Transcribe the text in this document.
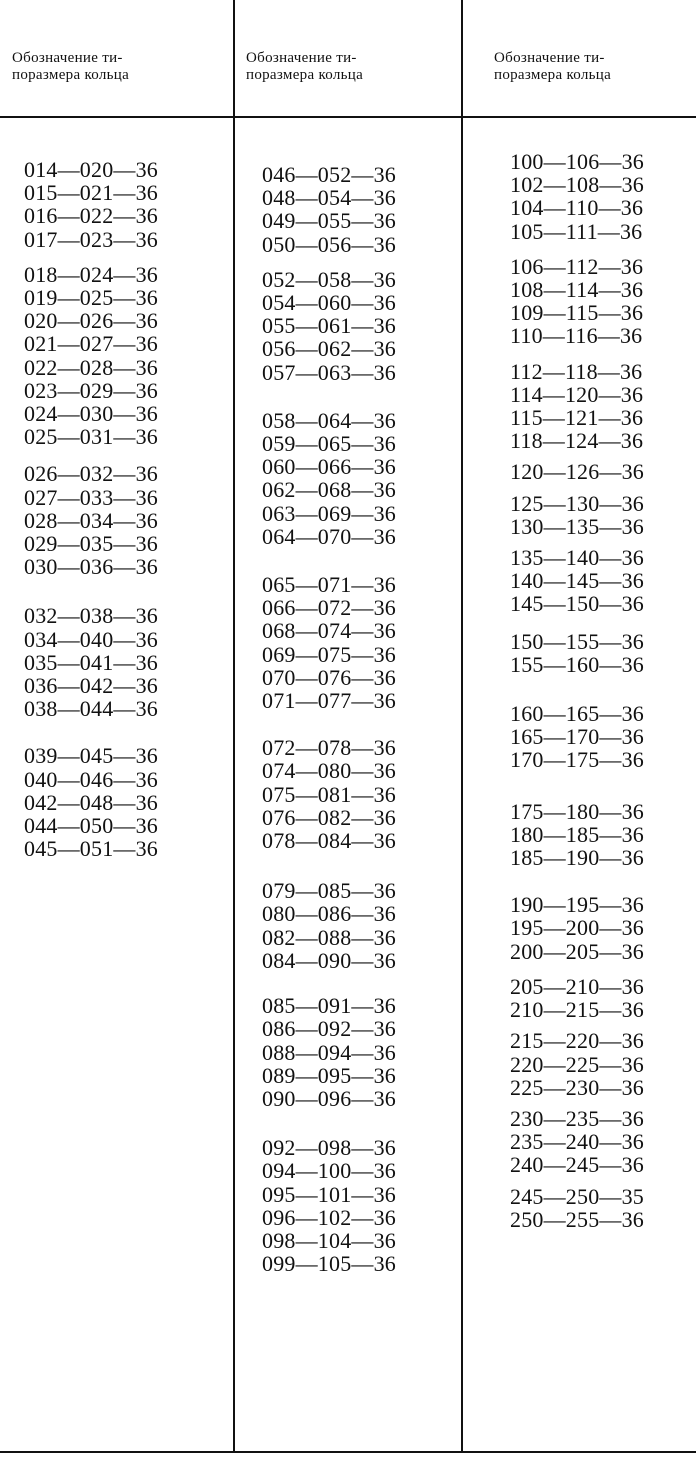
Обозначение ти-
поразмера кольца
Обозначение ти-
поразмера кольца
Обозначение ти-
поразмера кольца
014—020—36
015—021—36
016—022—36
017—023—36
018—024—36
019—025—36
020—026—36
021—027—36
022—028—36
023—029—36
024—030—36
025—031—36
026—032—36
027—033—36
028—034—36
029—035—36
030—036—36
032—038—36
034—040—36
035—041—36
036—042—36
038—044—36
039—045—36
040—046—36
042—048—36
044—050—36
045—051—36
046—052—36
048—054—36
049—055—36
050—056—36
052—058—36
054—060—36
055—061—36
056—062—36
057—063—36
058—064—36
059—065—36
060—066—36
062—068—36
063—069—36
064—070—36
065—071—36
066—072—36
068—074—36
069—075—36
070—076—36
071—077—36
072—078—36
074—080—36
075—081—36
076—082—36
078—084—36
079—085—36
080—086—36
082—088—36
084—090—36
085—091—36
086—092—36
088—094—36
089—095—36
090—096—36
092—098—36
094—100—36
095—101—36
096—102—36
098—104—36
099—105—36
100—106—36
102—108—36
104—110—36
105—111—36
106—112—36
108—114—36
109—115—36
110—116—36
112—118—36
114—120—36
115—121—36
118—124—36
120—126—36
125—130—36
130—135—36
135—140—36
140—145—36
145—150—36
150—155—36
155—160—36
160—165—36
165—170—36
170—175—36
175—180—36
180—185—36
185—190—36
190—195—36
195—200—36
200—205—36
205—210—36
210—215—36
215—220—36
220—225—36
225—230—36
230—235—36
235—240—36
240—245—36
245—250—35
250—255—36
